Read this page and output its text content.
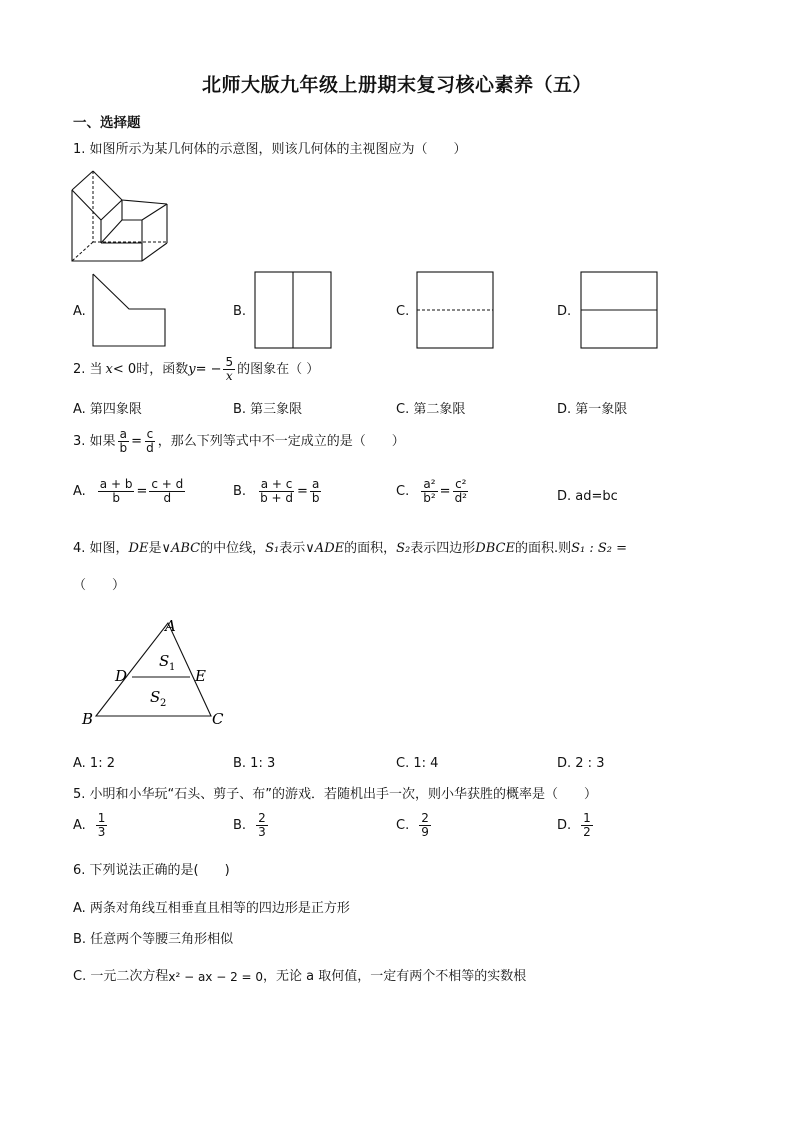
北师大版九年级上册期末复习核心素养（五）
一、选择题
1. 如图所示为某几何体的示意图，则该几何体的主视图应为（　　）
A.	B.	C.	D.
2. 当 x < 0 时，函数 y = − $\frac{5}{x}$ 的图象在（ ）
A. 第四象限	B. 第三象限	C. 第二象限	D. 第一象限
3. 如果 $\frac{a}{b} = \frac{c}{d}$ ，那么下列等式中不一定成立的是（　　）
A. $\frac{a + b}{b} = \frac{c + d}{d}$	B. $\frac{a + c}{b + d} = \frac{a}{b}$	C. $\frac{\text{a²}}{\text{b²}} = \frac{\text{c²}}{\text{d²}}$	D. ad=bc
4. 如图， DE 是 ∨ABC 的中位线， S₁ 表示 ∨ADE 的面积， S₂ 表示四边形 DBCE 的面积.则 S₁ : S₂ =
（　　）
A
B	C
D	E
S 1
S 2
A. 1: 2	B. 1: 3	C. 1: 4	D. 2 : 3
5. 小明和小华玩“石头、剪子、布”的游戏．若随机出手一次，则小华获胜的概率是（　　）
A. $\frac{1}{3}$	B. $\frac{2}{3}$	C. $\frac{2}{9}$	D. $\frac{1}{2}$
6. 下列说法正确的是(　　)
A. 两条对角线互相垂直且相等的四边形是正方形
B. 任意两个等腰三角形相似
C. 一元二次方程 x² − ax − 2 = 0 ，无论 a 取何值，一定有两个不相等的实数根
